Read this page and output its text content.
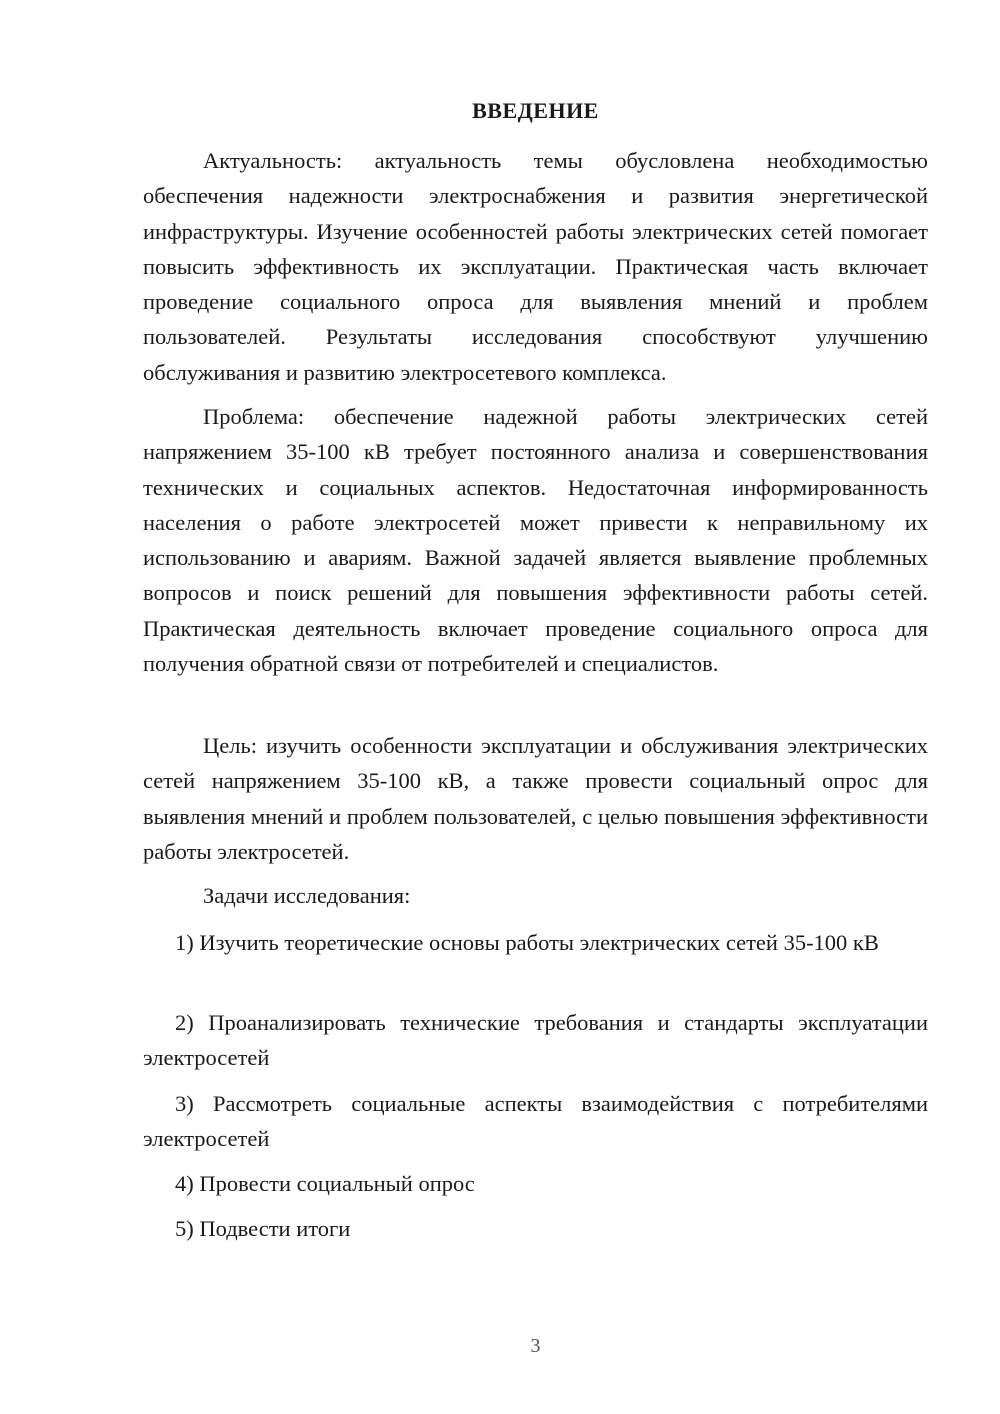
ВВЕДЕНИЕ

Актуальность: актуальность темы обусловлена необходимостью обеспечения надежности электроснабжения и развития энергетической инфраструктуры. Изучение особенностей работы электрических сетей помогает повысить эффективность их эксплуатации. Практическая часть включает проведение социального опроса для выявления мнений и проблем пользователей. Результаты исследования способствуют улучшению обслуживания и развитию электросетевого комплекса.

Проблема: обеспечение надежной работы электрических сетей напряжением 35-100 кВ требует постоянного анализа и совершенствования технических и социальных аспектов. Недостаточная информированность населения о работе электросетей может привести к неправильному их использованию и авариям. Важной задачей является выявление проблемных вопросов и поиск решений для повышения эффективности работы сетей. Практическая деятельность включает проведение социального опроса для получения обратной связи от потребителей и специалистов.

Цель: изучить особенности эксплуатации и обслуживания электрических сетей напряжением 35-100 кВ, а также провести социальный опрос для выявления мнений и проблем пользователей, с целью повышения эффективности работы электросетей.

Задачи исследования:

1) Изучить теоретические основы работы электрических сетей 35-100 кВ

2) Проанализировать технические требования и стандарты эксплуатации электросетей

3) Рассмотреть социальные аспекты взаимодействия с потребителями электросетей

4) Провести социальный опрос

5) Подвести итоги

3
